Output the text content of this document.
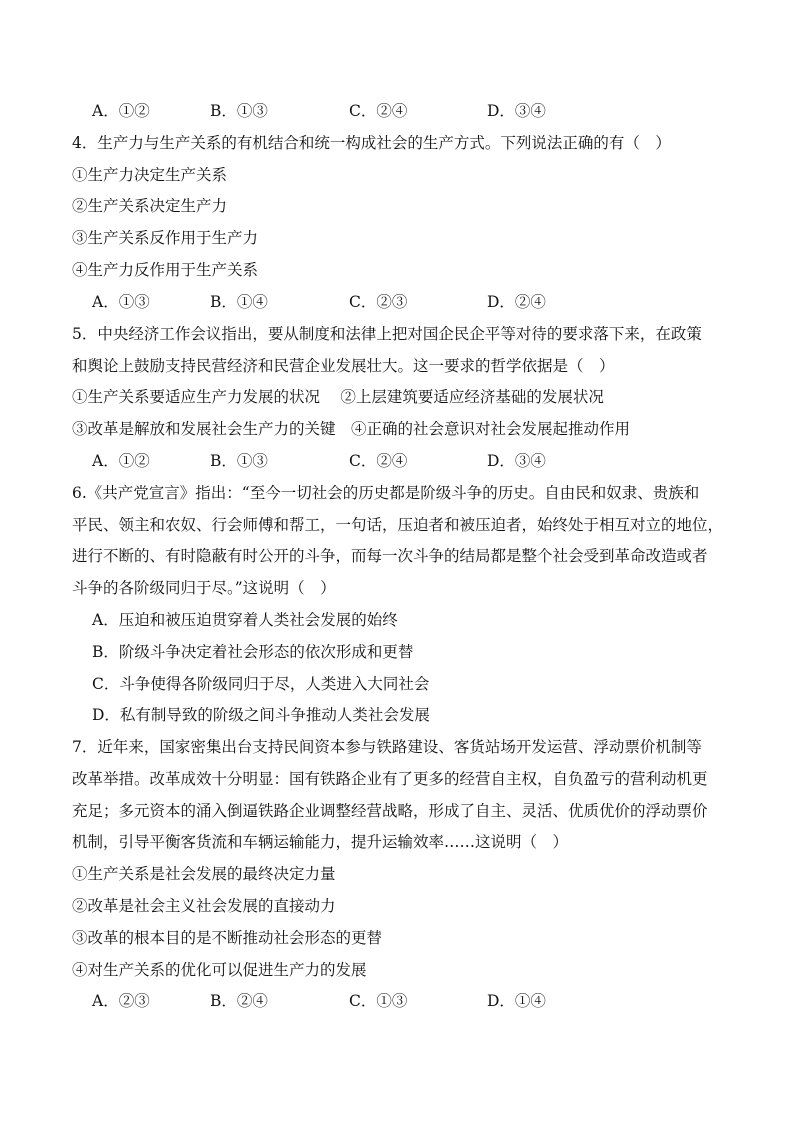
A．①②	B．①③	C．②④	D．③④
4．生产力与生产关系的有机结合和统一构成社会的生产方式。下列说法正确的有（　）
①生产力决定生产关系
②生产关系决定生产力
③生产关系反作用于生产力
④生产力反作用于生产关系
A．①③	B．①④	C．②③	D．②④
5．中央经济工作会议指出，要从制度和法律上把对国企民企平等对待的要求落下来，在政策
和舆论上鼓励支持民营经济和民营企业发展壮大。这一要求的哲学依据是（　）
①生产关系要适应生产力发展的状况　 ②上层建筑要适应经济基础的发展状况
③改革是解放和发展社会生产力的关键　④正确的社会意识对社会发展起推动作用
A．①②	B．①③	C．②④	D．③④
6.《共产党宣言》指出：“至今一切社会的历史都是阶级斗争的历史。自由民和奴隶、贵族和
平民、领主和农奴、行会师傅和帮工，一句话，压迫者和被压迫者，始终处于相互对立的地位，
进行不断的、有时隐蔽有时公开的斗争，而每一次斗争的结局都是整个社会受到革命改造或者
斗争的各阶级同归于尽。”这说明（　）
A．压迫和被压迫贯穿着人类社会发展的始终
B．阶级斗争决定着社会形态的依次形成和更替
C．斗争使得各阶级同归于尽，人类进入大同社会
D．私有制导致的阶级之间斗争推动人类社会发展
7．近年来，国家密集出台支持民间资本参与铁路建设、客货站场开发运营、浮动票价机制等
改革举措。改革成效十分明显：国有铁路企业有了更多的经营自主权，自负盈亏的营利动机更
充足；多元资本的涌入倒逼铁路企业调整经营战略，形成了自主、灵活、优质优价的浮动票价
机制，引导平衡客货流和车辆运输能力，提升运输效率……这说明（　）
①生产关系是社会发展的最终决定力量
②改革是社会主义社会发展的直接动力
③改革的根本目的是不断推动社会形态的更替
④对生产关系的优化可以促进生产力的发展
A．②③	B．②④	C．①③	D．①④
